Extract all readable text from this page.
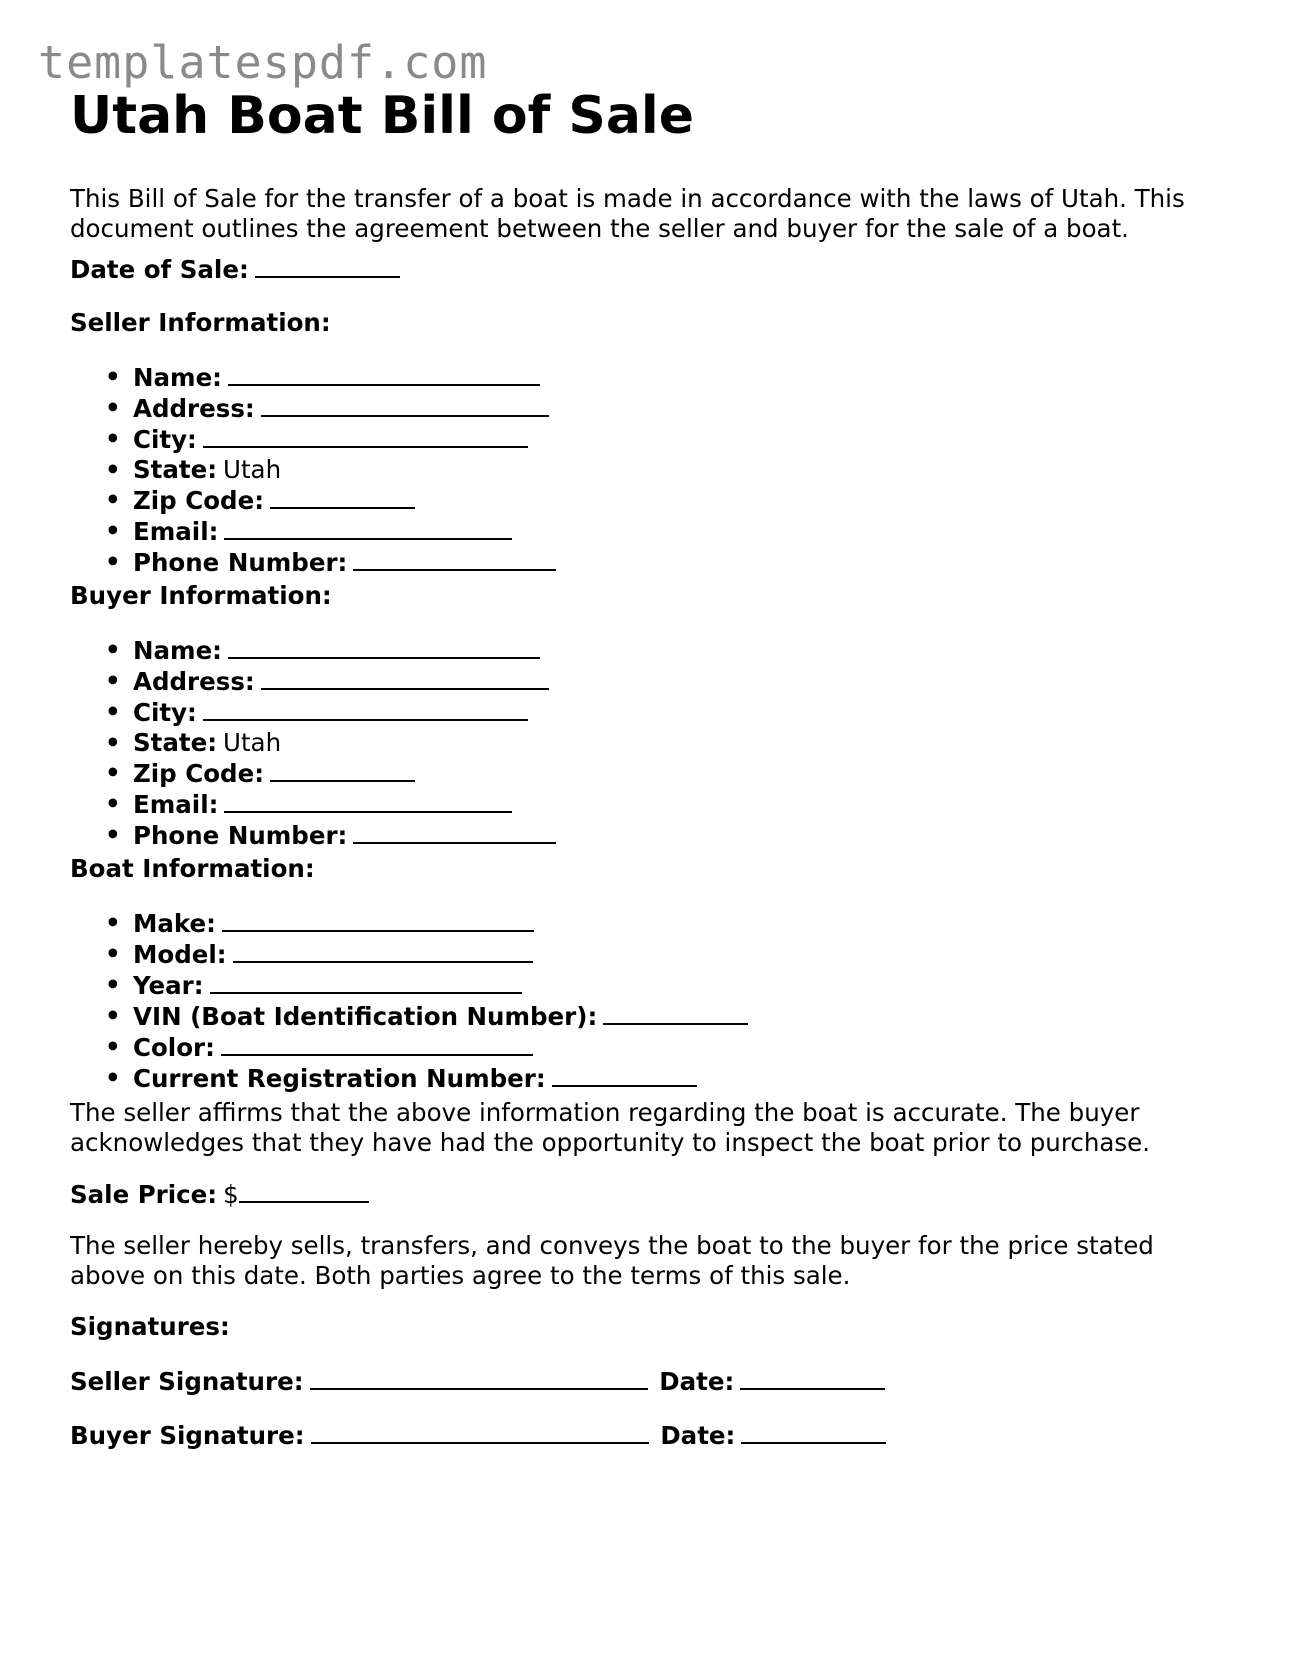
templatespdf.com
Utah Boat Bill of Sale

This Bill of Sale for the transfer of a boat is made in accordance with the laws of Utah. This document outlines the agreement between the seller and buyer for the sale of a boat.

Date of Sale:
Seller Information:
• Name:
• Address:
• City:
• State: Utah
• Zip Code:
• Email:
• Phone Number:
Buyer Information:
• Name:
• Address:
• City:
• State: Utah
• Zip Code:
• Email:
• Phone Number:
Boat Information:
• Make:
• Model:
• Year:
• VIN (Boat Identification Number):
• Color:
• Current Registration Number:

The seller affirms that the above information regarding the boat is accurate. The buyer acknowledges that they have had the opportunity to inspect the boat prior to purchase.

Sale Price: $

The seller hereby sells, transfers, and conveys the boat to the buyer for the price stated above on this date. Both parties agree to the terms of this sale.

Signatures:
Seller Signature:	Date:
Buyer Signature:	Date:
